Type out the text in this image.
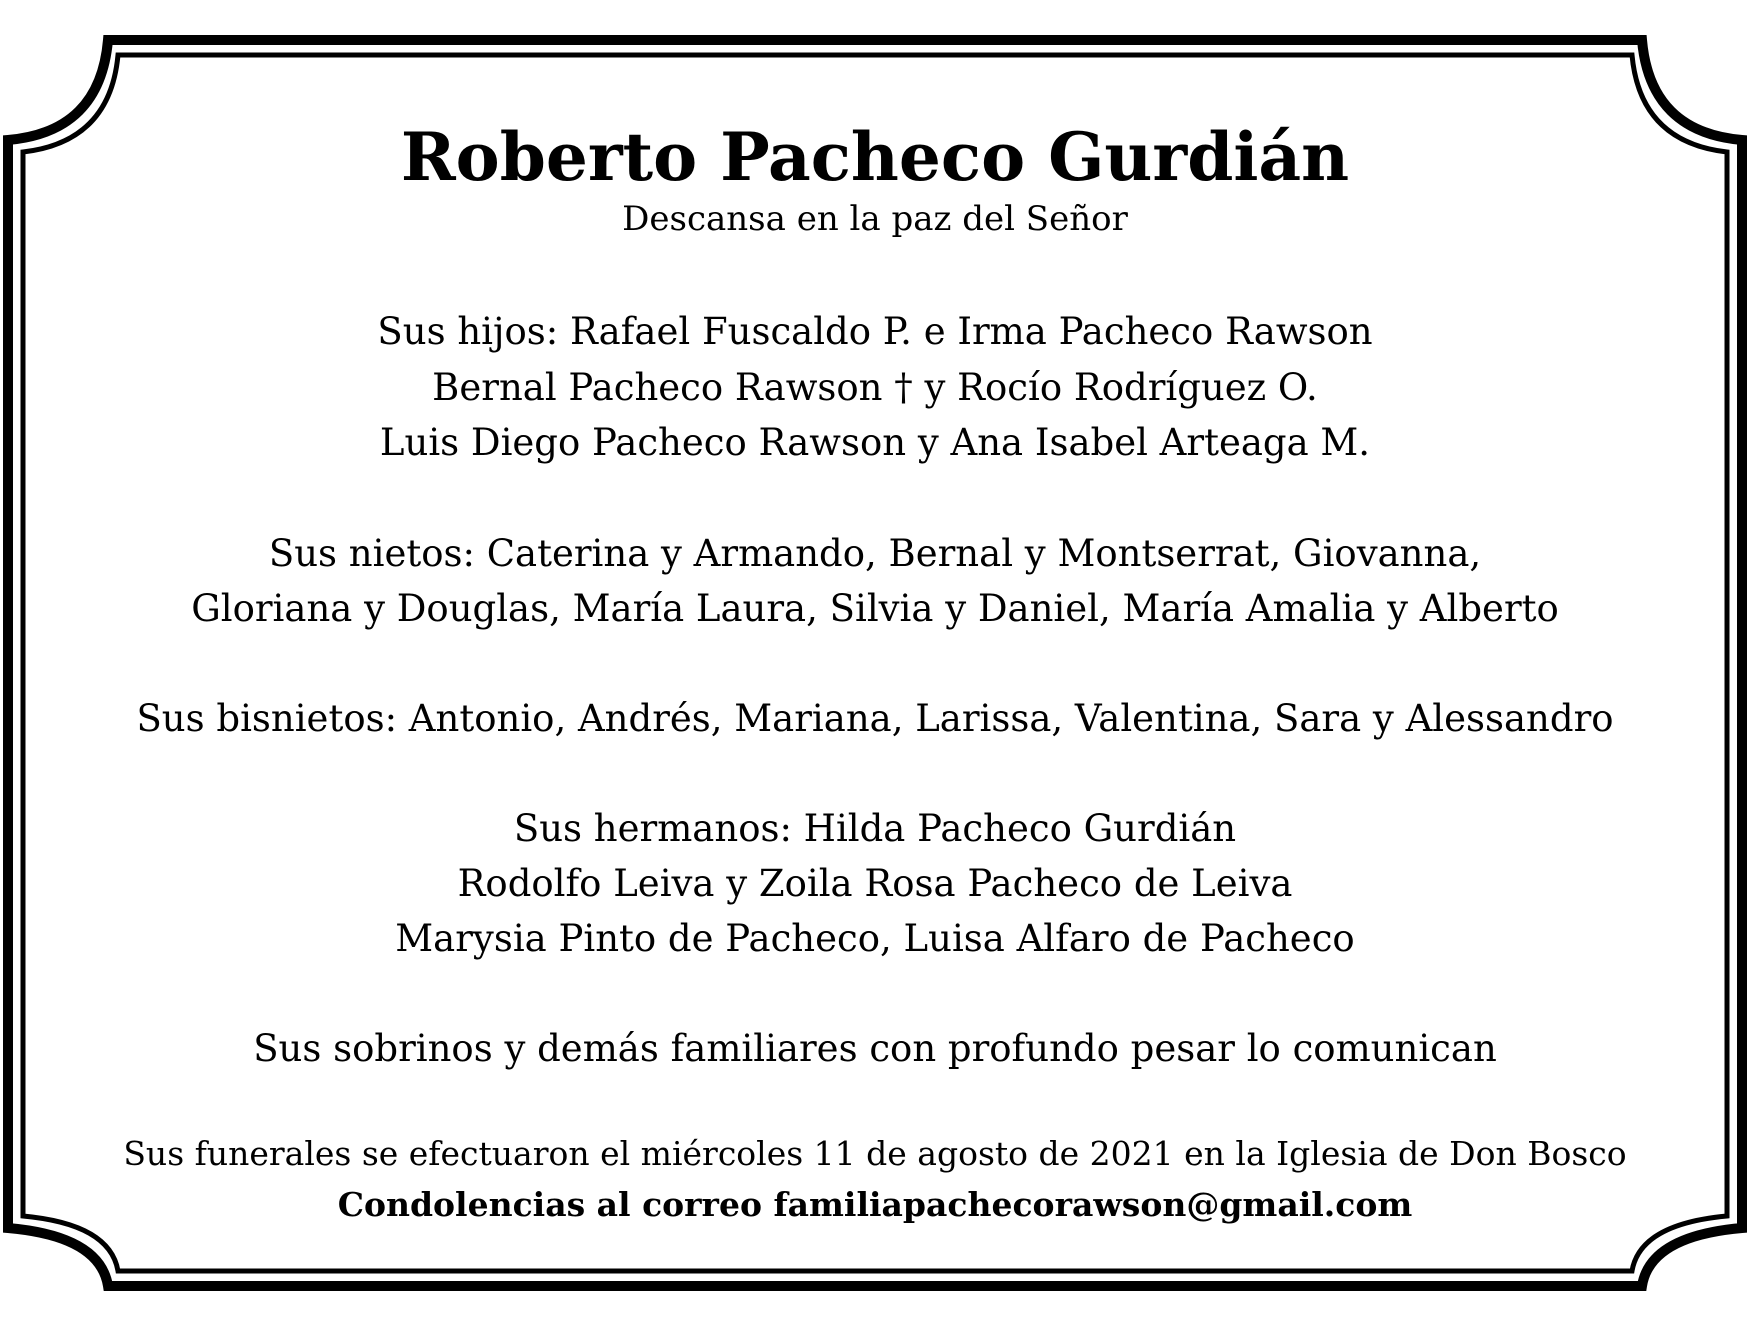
Roberto Pacheco Gurdián
Descansa en la paz del Señor
Sus hijos: Rafael Fuscaldo P. e Irma Pacheco Rawson
Bernal Pacheco Rawson † y Rocío Rodríguez O.
Luis Diego Pacheco Rawson y Ana Isabel Arteaga M.
Sus nietos: Caterina y Armando, Bernal y Montserrat, Giovanna,
Gloriana y Douglas, María Laura, Silvia y Daniel, María Amalia y Alberto
Sus bisnietos: Antonio, Andrés, Mariana, Larissa, Valentina, Sara y Alessandro
Sus hermanos: Hilda Pacheco Gurdián
Rodolfo Leiva y Zoila Rosa Pacheco de Leiva
Marysia Pinto de Pacheco, Luisa Alfaro de Pacheco
Sus sobrinos y demás familiares con profundo pesar lo comunican
Sus funerales se efectuaron el miércoles 11 de agosto de 2021 en la Iglesia de Don Bosco
Condolencias al correo familiapachecorawson@gmail.com
